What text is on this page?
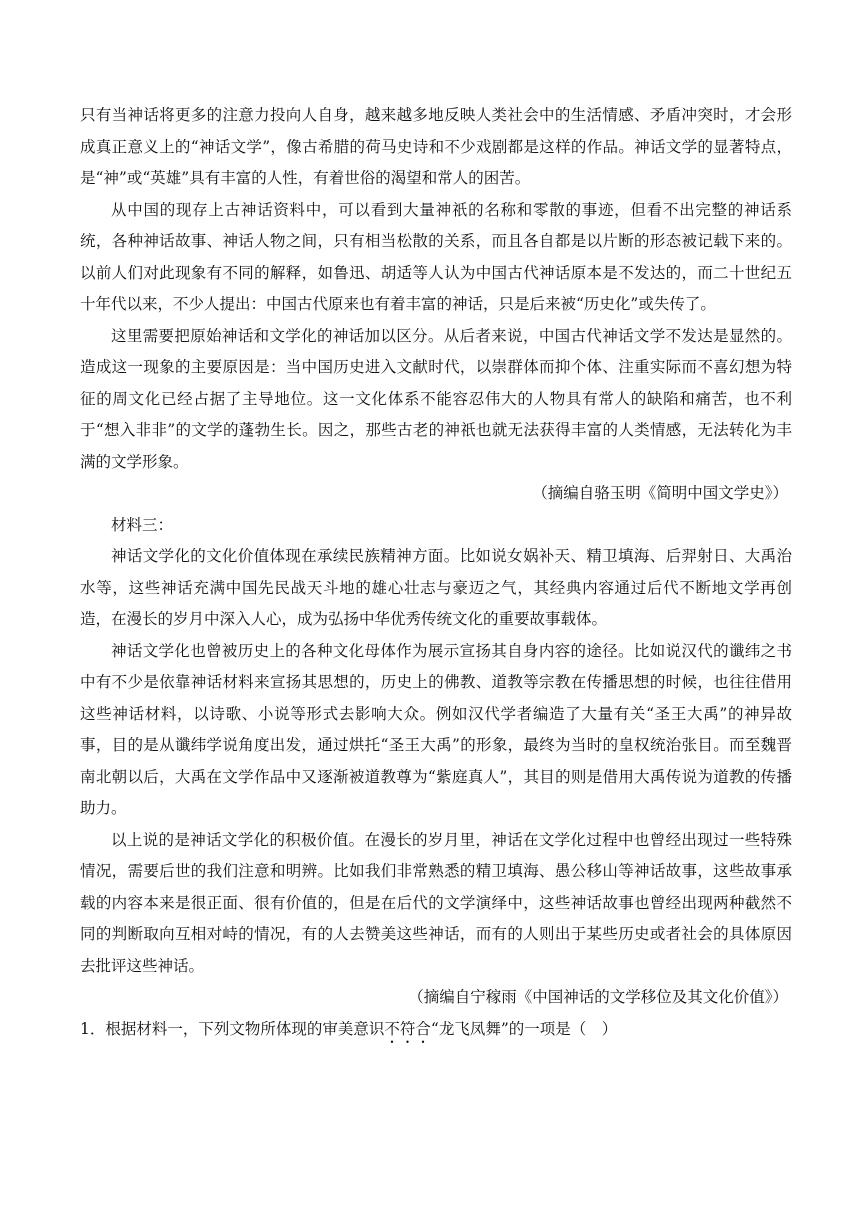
只有当神话将更多的注意力投向人自身，越来越多地反映人类社会中的生活情感、矛盾冲突时，才会形成真正意义上的“神话文学”，像古希腊的荷马史诗和不少戏剧都是这样的作品。神话文学的显著特点，是“神”或“英雄”具有丰富的人性，有着世俗的渴望和常人的困苦。

从中国的现存上古神话资料中，可以看到大量神祇的名称和零散的事迹，但看不出完整的神话系统，各种神话故事、神话人物之间，只有相当松散的关系，而且各自都是以片断的形态被记载下来的。以前人们对此现象有不同的解释，如鲁迅、胡适等人认为中国古代神话原本是不发达的，而二十世纪五十年代以来，不少人提出：中国古代原来也有着丰富的神话，只是后来被“历史化”或失传了。

这里需要把原始神话和文学化的神话加以区分。从后者来说，中国古代神话文学不发达是显然的。造成这一现象的主要原因是：当中国历史进入文献时代，以崇群体而抑个体、注重实际而不喜幻想为特征的周文化已经占据了主导地位。这一文化体系不能容忍伟大的人物具有常人的缺陷和痛苦，也不利于“想入非非”的文学的蓬勃生长。因之，那些古老的神祇也就无法获得丰富的人类情感，无法转化为丰满的文学形象。

（摘编自骆玉明《简明中国文学史》）

材料三：

神话文学化的文化价值体现在承续民族精神方面。比如说女娲补天、精卫填海、后羿射日、大禹治水等，这些神话充满中国先民战天斗地的雄心壮志与豪迈之气，其经典内容通过后代不断地文学再创造，在漫长的岁月中深入人心，成为弘扬中华优秀传统文化的重要故事载体。

神话文学化也曾被历史上的各种文化母体作为展示宣扬其自身内容的途径。比如说汉代的谶纬之书中有不少是依靠神话材料来宣扬其思想的，历史上的佛教、道教等宗教在传播思想的时候，也往往借用这些神话材料，以诗歌、小说等形式去影响大众。例如汉代学者编造了大量有关“圣王大禹”的神异故事，目的是从谶纬学说角度出发，通过烘托“圣王大禹”的形象，最终为当时的皇权统治张目。而至魏晋南北朝以后，大禹在文学作品中又逐渐被道教尊为“紫庭真人”，其目的则是借用大禹传说为道教的传播助力。

以上说的是神话文学化的积极价值。在漫长的岁月里，神话在文学化过程中也曾经出现过一些特殊情况，需要后世的我们注意和明辨。比如我们非常熟悉的精卫填海、愚公移山等神话故事，这些故事承载的内容本来是很正面、很有价值的，但是在后代的文学演绎中，这些神话故事也曾经出现两种截然不同的判断取向互相对峙的情况，有的人去赞美这些神话，而有的人则出于某些历史或者社会的具体原因去批评这些神话。

（摘编自宁稼雨《中国神话的文学移位及其文化价值》）

1．根据材料一，下列文物所体现的审美意识不符合“龙飞凤舞”的一项是（　）
